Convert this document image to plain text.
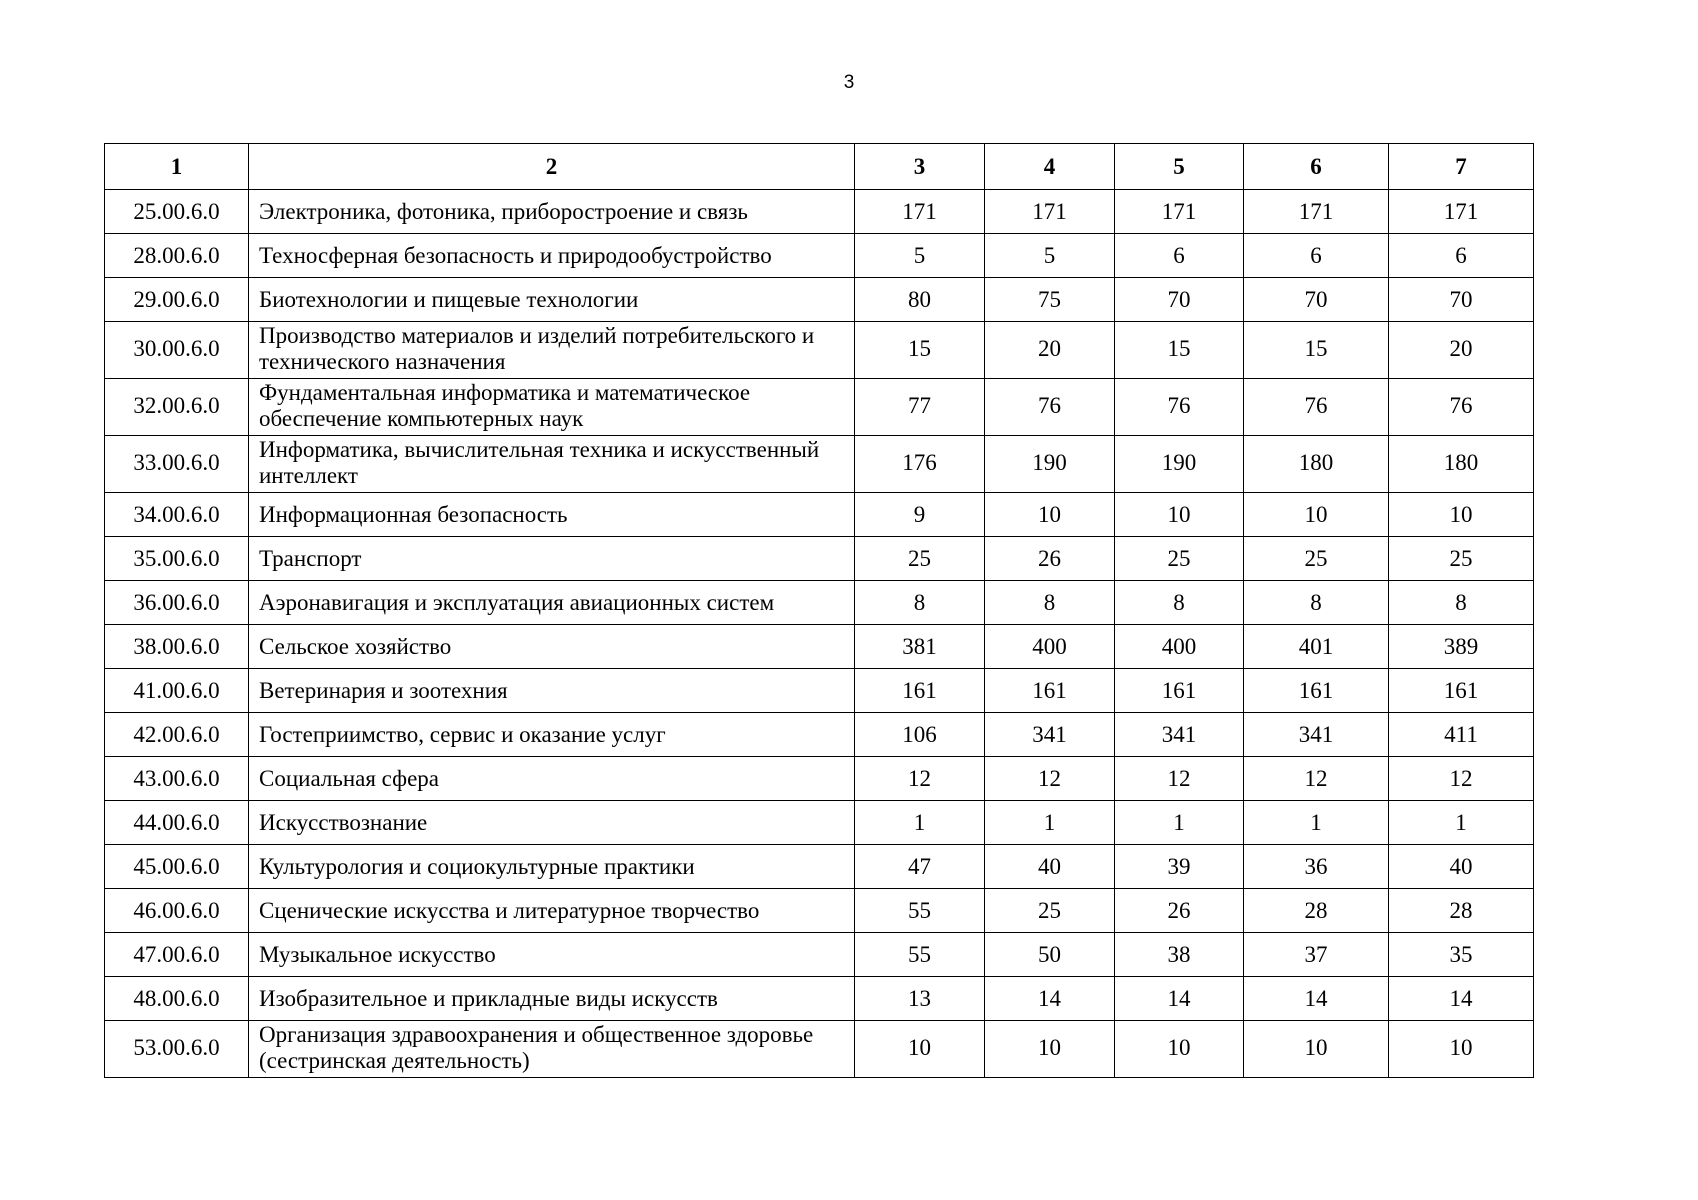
3
1	2	3	4	5	6	7
25.00.6.0	Электроника, фотоника, приборостроение и связь	171	171	171	171	171
28.00.6.0	Техносферная безопасность и природообустройство	5	5	6	6	6
29.00.6.0	Биотехнологии и пищевые технологии	80	75	70	70	70
30.00.6.0	Производство материалов и изделий потребительского и технического назначения	15	20	15	15	20
32.00.6.0	Фундаментальная информатика и математическое обеспечение компьютерных наук	77	76	76	76	76
33.00.6.0	Информатика, вычислительная техника и искусственный интеллект	176	190	190	180	180
34.00.6.0	Информационная безопасность	9	10	10	10	10
35.00.6.0	Транспорт	25	26	25	25	25
36.00.6.0	Аэронавигация и эксплуатация авиационных систем	8	8	8	8	8
38.00.6.0	Сельское хозяйство	381	400	400	401	389
41.00.6.0	Ветеринария и зоотехния	161	161	161	161	161
42.00.6.0	Гостеприимство, сервис и оказание услуг	106	341	341	341	411
43.00.6.0	Социальная сфера	12	12	12	12	12
44.00.6.0	Искусствознание	1	1	1	1	1
45.00.6.0	Культурология и социокультурные практики	47	40	39	36	40
46.00.6.0	Сценические искусства и литературное творчество	55	25	26	28	28
47.00.6.0	Музыкальное искусство	55	50	38	37	35
48.00.6.0	Изобразительное и прикладные виды искусств	13	14	14	14	14
53.00.6.0	Организация здравоохранения и общественное здоровье (сестринская деятельность)	10	10	10	10	10
